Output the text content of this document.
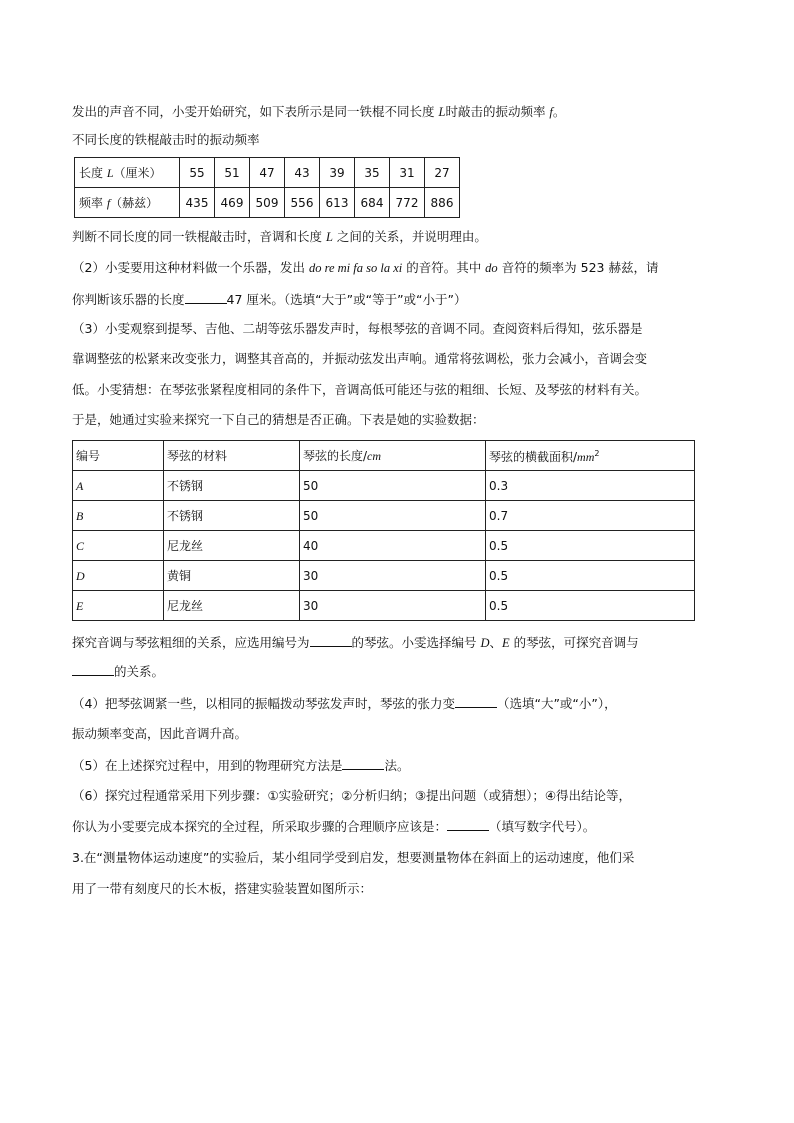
发出的声音不同，小雯开始研究，如下表所示是同一铁棍不同长度 L时敲击的振动频率 f。
不同长度的铁棍敲击时的振动频率
长度 L（厘米）	55	51	47	43	39	35	31	27
频率 f（赫兹）	435	469	509	556	613	684	772	886
判断不同长度的同一铁棍敲击时，音调和长度 L 之间的关系，并说明理由。
（2）小雯要用这种材料做一个乐器，发出 do re mi fa so la xi 的音符。其中 do 音符的频率为 523 赫兹，请
你判断该乐器的长度	47 厘米。（选填“大于”或“等于”或“小于”）
（3）小雯观察到提琴、吉他、二胡等弦乐器发声时，每根琴弦的音调不同。查阅资料后得知，弦乐器是
靠调整弦的松紧来改变张力，调整其音高的，并振动弦发出声响。通常将弦调松，张力会减小，音调会变
低。小雯猜想：在琴弦张紧程度相同的条件下，音调高低可能还与弦的粗细、长短、及琴弦的材料有关。
于是，她通过实验来探究一下自己的猜想是否正确。下表是她的实验数据：
编号	琴弦的材料	琴弦的长度/cm	琴弦的横截面积$/mm^2$
A	不锈钢	50	0.3
B	不锈钢	50	0.7
C	尼龙丝	40	0.5
D	黄铜	30	0.5
E	尼龙丝	30	0.5
探究音调与琴弦粗细的关系，应选用编号为	的琴弦。小雯选择编号 D、E 的琴弦，可探究音调与
的关系。
（4）把琴弦调紧一些，以相同的振幅拨动琴弦发声时，琴弦的张力变	（选填“大”或“小”），
振动频率变高，因此音调升高。
（5）在上述探究过程中，用到的物理研究方法是	法。
（6）探究过程通常采用下列步骤：①实验研究；②分析归纳；③提出问题（或猜想）；④得出结论等，
你认为小雯要完成本探究的全过程，所采取步骤的合理顺序应该是：	（填写数字代号）。
3.在“测量物体运动速度”的实验后，某小组同学受到启发，想要测量物体在斜面上的运动速度，他们采
用了一带有刻度尺的长木板，搭建实验装置如图所示：
